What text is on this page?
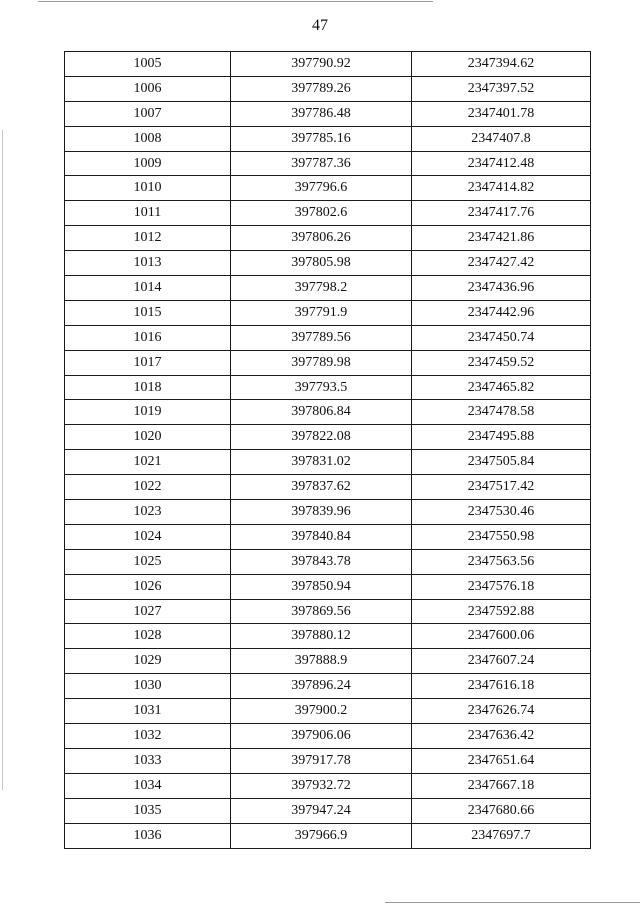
47
1005	397790.92	2347394.62
1006	397789.26	2347397.52
1007	397786.48	2347401.78
1008	397785.16	2347407.8
1009	397787.36	2347412.48
1010	397796.6	2347414.82
1011	397802.6	2347417.76
1012	397806.26	2347421.86
1013	397805.98	2347427.42
1014	397798.2	2347436.96
1015	397791.9	2347442.96
1016	397789.56	2347450.74
1017	397789.98	2347459.52
1018	397793.5	2347465.82
1019	397806.84	2347478.58
1020	397822.08	2347495.88
1021	397831.02	2347505.84
1022	397837.62	2347517.42
1023	397839.96	2347530.46
1024	397840.84	2347550.98
1025	397843.78	2347563.56
1026	397850.94	2347576.18
1027	397869.56	2347592.88
1028	397880.12	2347600.06
1029	397888.9	2347607.24
1030	397896.24	2347616.18
1031	397900.2	2347626.74
1032	397906.06	2347636.42
1033	397917.78	2347651.64
1034	397932.72	2347667.18
1035	397947.24	2347680.66
1036	397966.9	2347697.7
